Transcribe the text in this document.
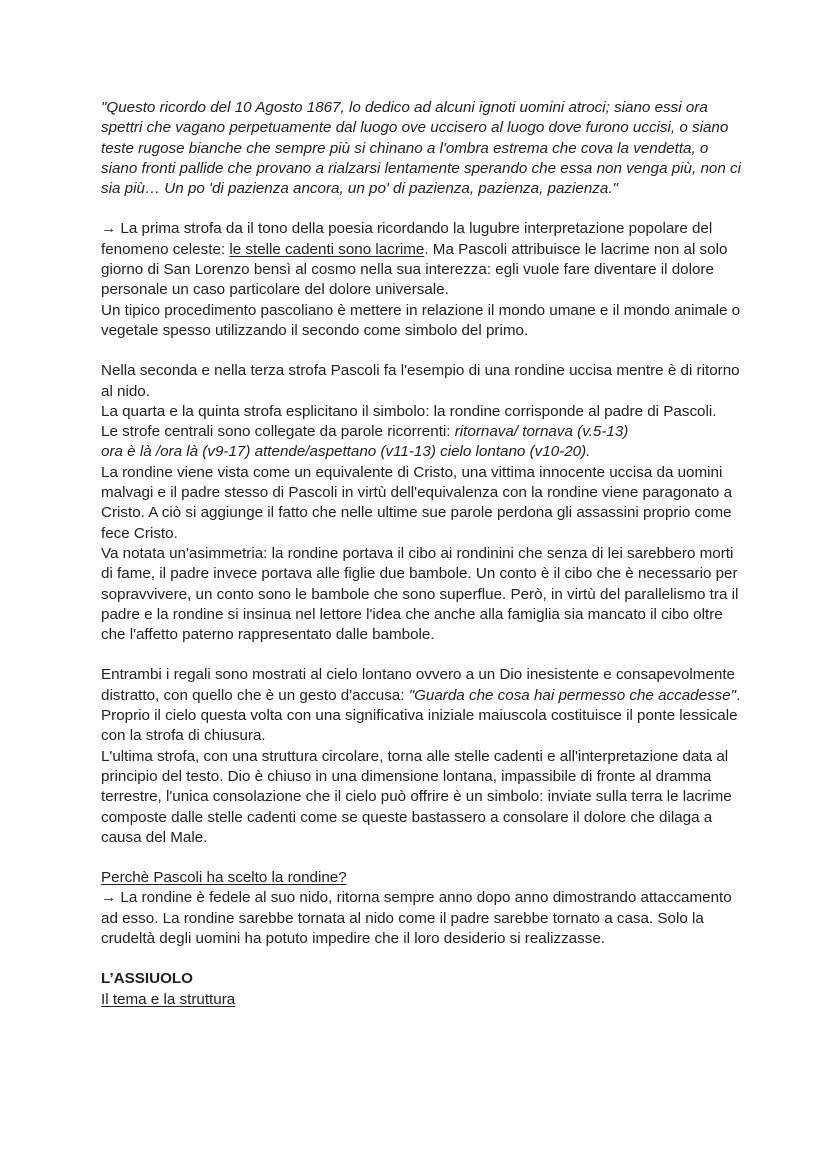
"Questo ricordo del 10 Agosto 1867, lo dedico ad alcuni ignoti uomini atroci; siano essi ora spettri che vagano perpetuamente dal luogo ove uccisero al luogo dove furono uccisi, o siano teste rugose bianche che sempre più si chinano a l'ombra estrema che cova la vendetta, o siano fronti pallide che provano a rialzarsi lentamente sperando che essa non venga più, non ci sia più… Un po 'di pazienza ancora, un po' di pazienza, pazienza, pazienza."

→ La prima strofa da il tono della poesia ricordando la lugubre interpretazione popolare del fenomeno celeste: le stelle cadenti sono lacrime. Ma Pascoli attribuisce le lacrime non al solo giorno di San Lorenzo bensì al cosmo nella sua interezza: egli vuole fare diventare il dolore personale un caso particolare del dolore universale.

Un tipico procedimento pascoliano è mettere in relazione il mondo umane e il mondo animale o vegetale spesso utilizzando il secondo come simbolo del primo.

Nella seconda e nella terza strofa Pascoli fa l'esempio di una rondine uccisa mentre è di ritorno al nido.

La quarta e la quinta strofa esplicitano il simbolo: la rondine corrisponde al padre di Pascoli.

Le strofe centrali sono collegate da parole ricorrenti: ritornava/ tornava (v.5-13)
ora è là /ora là (v9-17) attende/aspettano (v11-13) cielo lontano (v10-20).

La rondine viene vista come un equivalente di Cristo, una vittima innocente uccisa da uomini malvagi e il padre stesso di Pascoli in virtù dell'equivalenza con la rondine viene paragonato a Cristo. A ciò si aggiunge il fatto che nelle ultime sue parole perdona gli assassini proprio come fece Cristo.

Va notata un'asimmetria: la rondine portava il cibo ai rondinini che senza di lei sarebbero morti di fame, il padre invece portava alle figlie due bambole. Un conto è il cibo che è necessario per sopravvivere, un conto sono le bambole che sono superflue. Però, in virtù del parallelismo tra il padre e la rondine si insinua nel lettore l'idea che anche alla famiglia sia mancato il cibo oltre che l'affetto paterno rappresentato dalle bambole.

Entrambi i regali sono mostrati al cielo lontano ovvero a un Dio inesistente e consapevolmente distratto, con quello che è un gesto d'accusa: "Guarda che cosa hai permesso che accadesse".

Proprio il cielo questa volta con una significativa iniziale maiuscola costituisce il ponte lessicale con la strofa di chiusura.

L'ultima strofa, con una struttura circolare, torna alle stelle cadenti e all'interpretazione data al principio del testo. Dio è chiuso in una dimensione lontana, impassibile di fronte al dramma terrestre, l'unica consolazione che il cielo può offrire è un simbolo: inviate sulla terra le lacrime composte dalle stelle cadenti come se queste bastassero a consolare il dolore che dilaga a causa del Male.

Perchè Pascoli ha scelto la rondine?

→ La rondine è fedele al suo nido, ritorna sempre anno dopo anno dimostrando attaccamento ad esso. La rondine sarebbe tornata al nido come il padre sarebbe tornato a casa. Solo la crudeltà degli uomini ha potuto impedire che il loro desiderio si realizzasse.

L’ASSIUOLO

Il tema e la struttura
